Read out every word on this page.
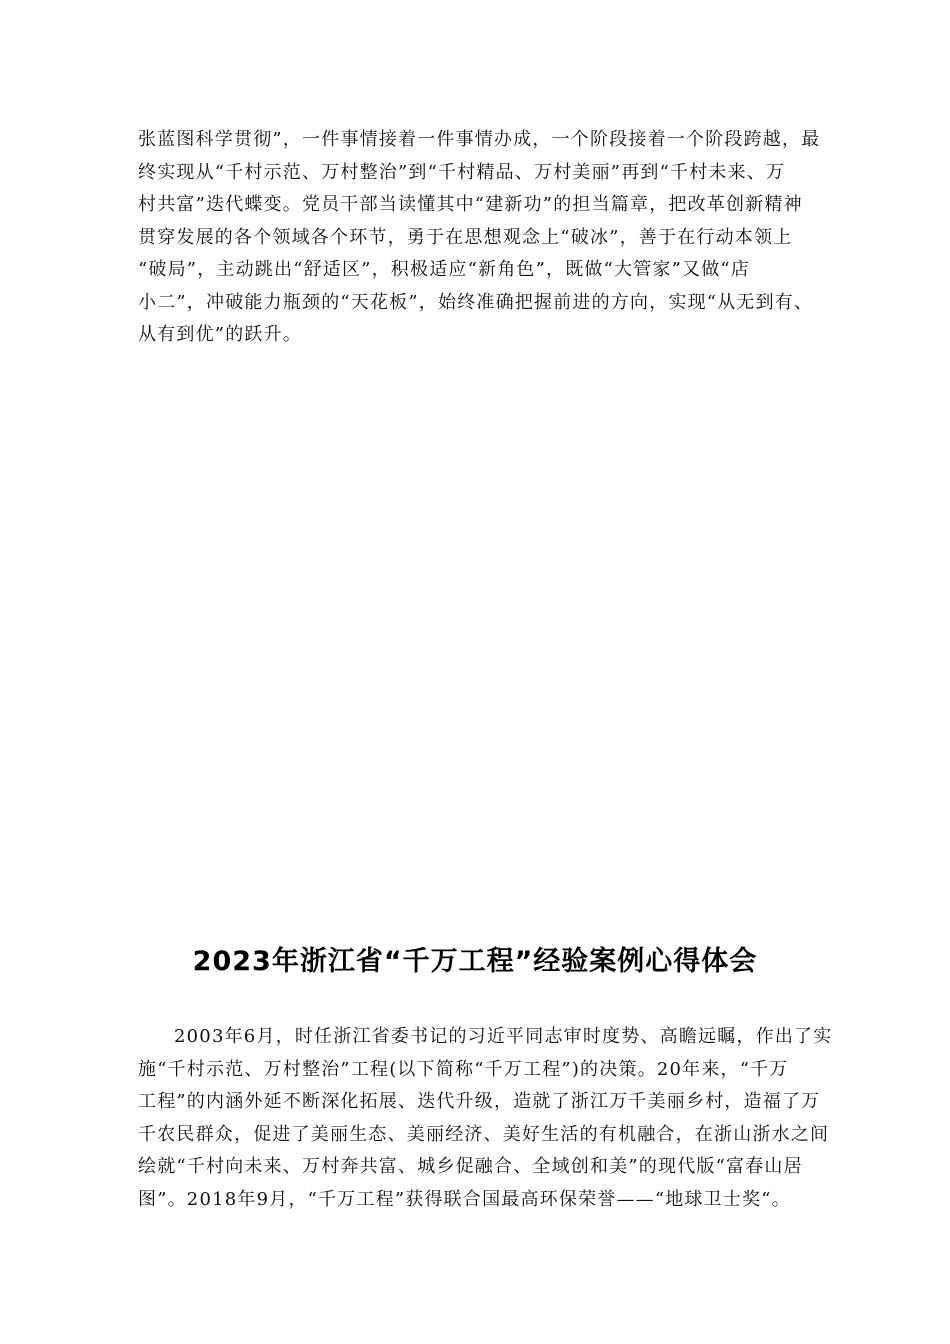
张蓝图科学贯彻”，一件事情接着一件事情办成，一个阶段接着一个阶段跨越，最
终实现从“千村示范、万村整治”到“千村精品、万村美丽”再到“千村未来、万
村共富”迭代蝶变。党员干部当读懂其中“建新功”的担当篇章，把改革创新精神
贯穿发展的各个领域各个环节，勇于在思想观念上“破冰”，善于在行动本领上
“破局”，主动跳出“舒适区”，积极适应“新角色”，既做“大管家”又做“店
小二”，冲破能力瓶颈的“天花板”，始终准确把握前进的方向，实现“从无到有、
从有到优”的跃升。
2023年浙江省“千万工程”经验案例心得体会
2003年6月，时任浙江省委书记的习近平同志审时度势、高瞻远瞩，作出了实
施“千村示范、万村整治”工程(以下简称“千万工程”)的决策。20年来，“千万
工程”的内涵外延不断深化拓展、迭代升级，造就了浙江万千美丽乡村，造福了万
千农民群众，促进了美丽生态、美丽经济、美好生活的有机融合，在浙山浙水之间
绘就“千村向未来、万村奔共富、城乡促融合、全域创和美”的现代版“富春山居
图”。2018年9月，“千万工程”获得联合国最高环保荣誉——“地球卫士奖“。
